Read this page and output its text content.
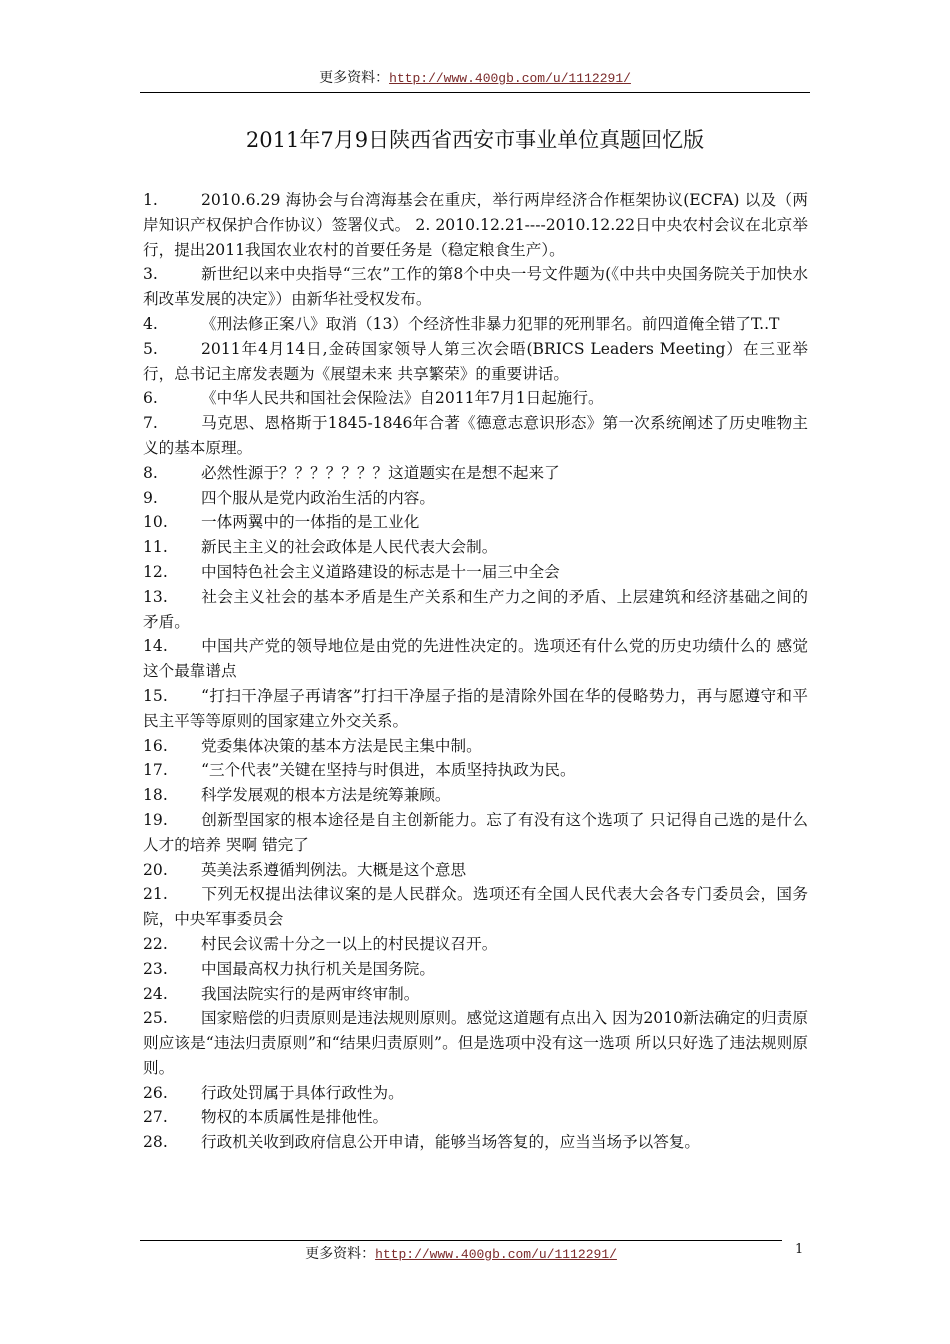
更多资料：http://www.400gb.com/u/1112291/
2011年7月9日陕西省西安市事业单位真题回忆版

1.	2010.6.29 海协会与台湾海基会在重庆，举行两岸经济合作框架协议(ECFA) 以及（两岸知识产权保护合作协议）签署仪式。 2. 2010.12.21----2010.12.22日中央农村会议在北京举行，提出2011我国农业农村的首要任务是（稳定粮食生产）。

3.	新世纪以来中央指导“三农”工作的第8个中央一号文件题为(《中共中央国务院关于加快水利改革发展的决定》）由新华社受权发布。

4.	《刑法修正案八》取消（13）个经济性非暴力犯罪的死刑罪名。前四道俺全错了T..T

5.	2011年4月14日,金砖国家领导人第三次会晤(BRICS Leaders Meeting）在三亚举行，总书记主席发表题为《展望未来 共享繁荣》的重要讲话。

6.	《中华人民共和国社会保险法》自2011年7月1日起施行。

7.	马克思、恩格斯于1845-1846年合著《德意志意识形态》第一次系统阐述了历史唯物主义的基本原理。

8.	必然性源于？？？？？？？这道题实在是想不起来了

9.	四个服从是党内政治生活的内容。

10. 一体两翼中的一体指的是工业化

11. 新民主主义的社会政体是人民代表大会制。

12. 中国特色社会主义道路建设的标志是十一届三中全会

13. 社会主义社会的基本矛盾是生产关系和生产力之间的矛盾、上层建筑和经济基础之间的矛盾。

14. 中国共产党的领导地位是由党的先进性决定的。选项还有什么党的历史功绩什么的 感觉这个最靠谱点

15. “打扫干净屋子再请客”打扫干净屋子指的是清除外国在华的侵略势力，再与愿遵守和平民主平等等原则的国家建立外交关系。

16. 党委集体决策的基本方法是民主集中制。

17. “三个代表”关键在坚持与时俱进，本质坚持执政为民。

18. 科学发展观的根本方法是统筹兼顾。

19. 创新型国家的根本途径是自主创新能力。忘了有没有这个选项了 只记得自己选的是什么人才的培养 哭啊 错完了

20. 英美法系遵循判例法。大概是这个意思

21. 下列无权提出法律议案的是人民群众。选项还有全国人民代表大会各专门委员会，国务院，中央军事委员会

22. 村民会议需十分之一以上的村民提议召开。

23. 中国最高权力执行机关是国务院。

24. 我国法院实行的是两审终审制。

25. 国家赔偿的归责原则是违法规则原则。感觉这道题有点出入 因为2010新法确定的归责原则应该是“违法归责原则”和“结果归责原则”。但是选项中没有这一选项 所以只好选了违法规则原则。

26. 行政处罚属于具体行政性为。

27. 物权的本质属性是排他性。

28. 行政机关收到政府信息公开申请，能够当场答复的，应当当场予以答复。

更多资料：http://www.400gb.com/u/1112291/	1
